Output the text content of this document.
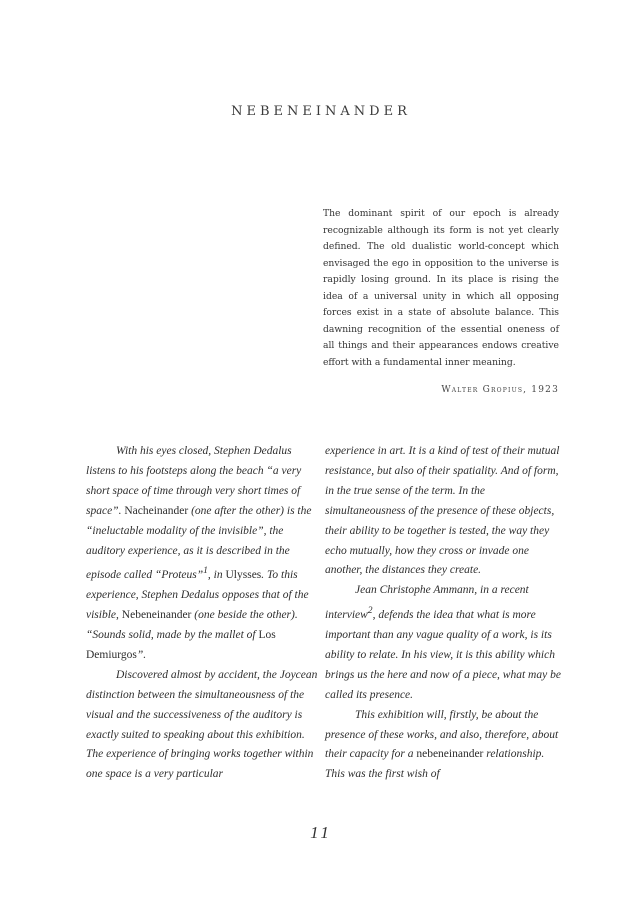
NEBENEINANDER

The dominant spirit of our epoch is already recognizable although its form is not yet clearly defined. The old dualistic world-concept which envisaged the ego in opposition to the universe is rapidly losing ground. In its place is rising the idea of a universal unity in which all opposing forces exist in a state of absolute balance. This dawning recognition of the essential oneness of all things and their appearances endows creative effort with a fundamental inner meaning.

Walter Gropius, 1923

With his eyes closed, Stephen Dedalus listens to his footsteps along the beach “a very short space of time through very short times of space”. Nacheinander (one after the other) is the “ineluctable modality of the invisible”, the auditory experience, as it is described in the episode called “Proteus”$^1$, in Ulysses. To this experience, Stephen Dedalus opposes that of the visible, Nebeneinander (one beside the other). “Sounds solid, made by the mallet of Los Demiurgos”.

Discovered almost by accident, the Joycean distinction between the simultaneousness of the visual and the successiveness of the auditory is exactly suited to speaking about this exhibition. The experience of bringing works together within one space is a very particular

experience in art. It is a kind of test of their mutual resistance, but also of their spatiality. And of form, in the true sense of the term. In the simultaneousness of the presence of these objects, their ability to be together is tested, the way they echo mutually, how they cross or invade one another, the distances they create.

Jean Christophe Ammann, in a recent interview$^2$, defends the idea that what is more important than any vague quality of a work, is its ability to relate. In his view, it is this ability which brings us the here and now of a piece, what may be called its presence.

This exhibition will, firstly, be about the presence of these works, and also, therefore, about their capacity for a nebeneinander relationship. This was the first wish of

11
